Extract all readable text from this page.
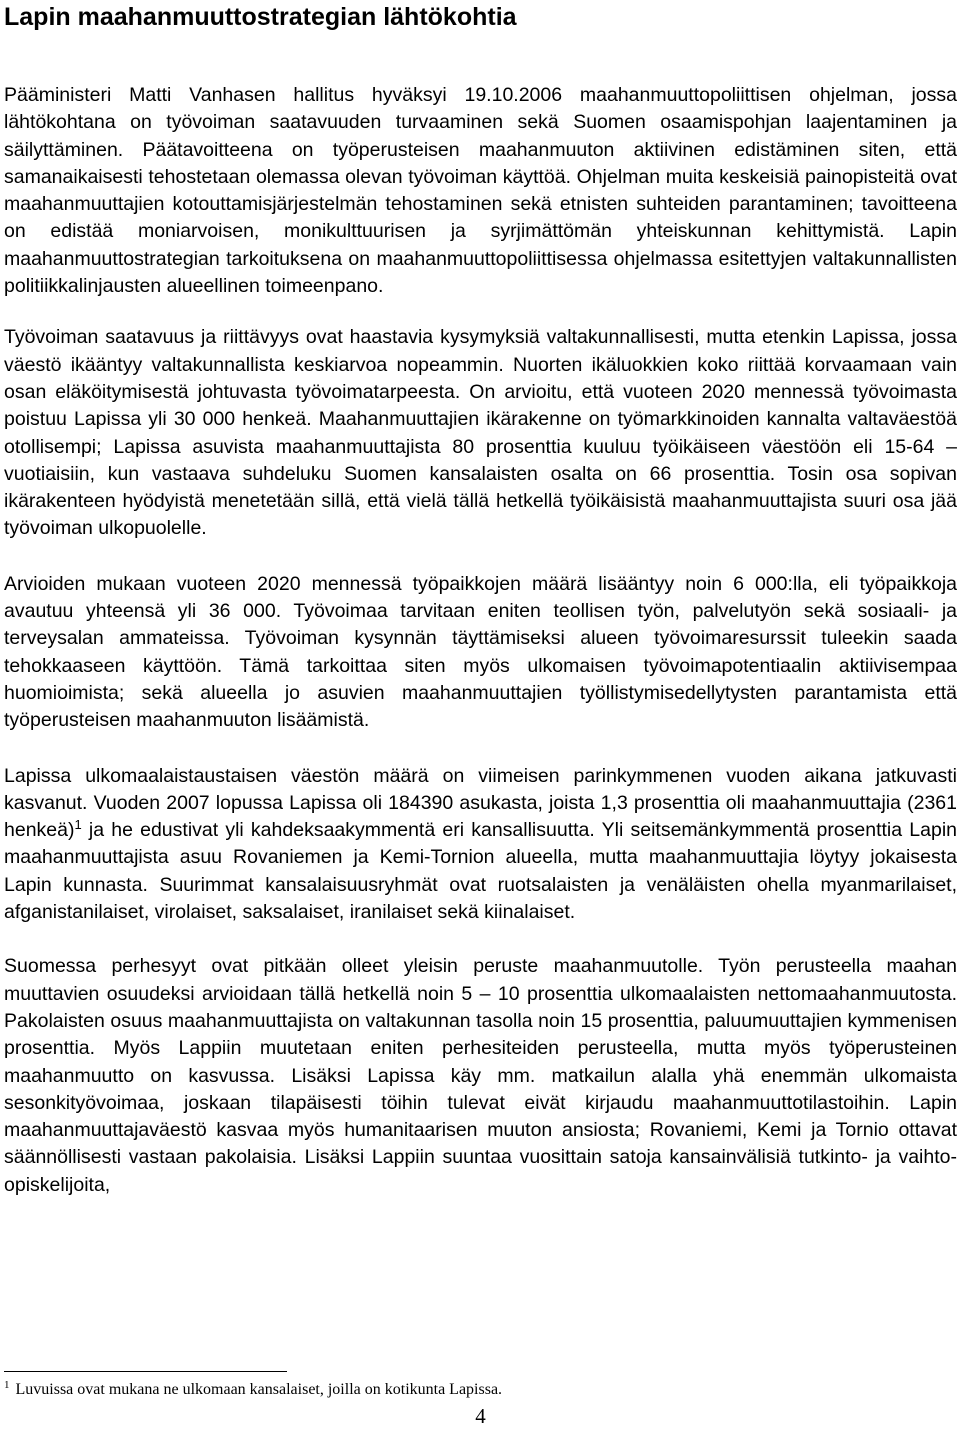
Lapin maahanmuuttostrategian lähtökohtia

Pääministeri Matti Vanhasen hallitus hyväksyi 19.10.2006 maahanmuuttopoliittisen ohjelman, jossa lähtökohtana on työvoiman saatavuuden turvaaminen sekä Suomen osaamispohjan laajentaminen ja säilyttäminen. Päätavoitteena on työperusteisen maahanmuuton aktiivinen edistäminen siten, että samanaikaisesti tehostetaan olemassa olevan työvoiman käyttöä. Ohjelman muita keskeisiä painopisteitä ovat maahanmuuttajien kotouttamisjärjestelmän tehostaminen sekä etnisten suhteiden parantaminen; tavoitteena on edistää moniarvoisen, monikulttuurisen ja syrjimättömän yhteiskunnan kehittymistä. Lapin maahanmuuttostrategian tarkoituksena on maahanmuuttopoliittisessa ohjelmassa esitettyjen valtakunnallisten politiikkalinjausten alueellinen toimeenpano.

Työvoiman saatavuus ja riittävyys ovat haastavia kysymyksiä valtakunnallisesti, mutta etenkin Lapissa, jossa väestö ikääntyy valtakunnallista keskiarvoa nopeammin. Nuorten ikäluokkien koko riittää korvaamaan vain osan eläköitymisestä johtuvasta työvoimatarpeesta. On arvioitu, että vuoteen 2020 mennessä työvoimasta poistuu Lapissa yli 30 000 henkeä. Maahanmuuttajien ikärakenne on työmarkkinoiden kannalta valtaväestöä otollisempi; Lapissa asuvista maahanmuuttajista 80 prosenttia kuuluu työikäiseen väestöön eli 15-64 –vuotiaisiin, kun vastaava suhdeluku Suomen kansalaisten osalta on 66 prosenttia. Tosin osa sopivan ikärakenteen hyödyistä menetetään sillä, että vielä tällä hetkellä työikäisistä maahanmuuttajista suuri osa jää työvoiman ulkopuolelle.

Arvioiden mukaan vuoteen 2020 mennessä työpaikkojen määrä lisääntyy noin 6 000:lla, eli työpaikkoja avautuu yhteensä yli 36 000. Työvoimaa tarvitaan eniten teollisen työn, palvelutyön sekä sosiaali- ja terveysalan ammateissa. Työvoiman kysynnän täyttämiseksi alueen työvoimaresurssit tuleekin saada tehokkaaseen käyttöön. Tämä tarkoittaa siten myös ulkomaisen työvoimapotentiaalin aktiivisempaa huomioimista; sekä alueella jo asuvien maahanmuuttajien työllistymisedellytysten parantamista että työperusteisen maahanmuuton lisäämistä.

Lapissa ulkomaalaistaustaisen väestön määrä on viimeisen parinkymmenen vuoden aikana jatkuvasti kasvanut. Vuoden 2007 lopussa Lapissa oli 184390 asukasta, joista 1,3 prosenttia oli maahanmuuttajia (2361 henkeä)$^1$ ja he edustivat yli kahdeksaakymmentä eri kansallisuutta. Yli seitsemänkymmentä prosenttia Lapin maahanmuuttajista asuu Rovaniemen ja Kemi-Tornion alueella, mutta maahanmuuttajia löytyy jokaisesta Lapin kunnasta. Suurimmat kansalaisuusryhmät ovat ruotsalaisten ja venäläisten ohella myanmarilaiset, afganistanilaiset, virolaiset, saksalaiset, iranilaiset sekä kiinalaiset.

Suomessa perhesyyt ovat pitkään olleet yleisin peruste maahanmuutolle. Työn perusteella maahan muuttavien osuudeksi arvioidaan tällä hetkellä noin 5 – 10 prosenttia ulkomaalaisten nettomaahanmuutosta. Pakolaisten osuus maahanmuuttajista on valtakunnan tasolla noin 15 prosenttia, paluumuuttajien kymmenisen prosenttia. Myös Lappiin muutetaan eniten perhesiteiden perusteella, mutta myös työperusteinen maahanmuutto on kasvussa. Lisäksi Lapissa käy mm. matkailun alalla yhä enemmän ulkomaista sesonkityövoimaa, joskaan tilapäisesti töihin tulevat eivät kirjaudu maahanmuuttotilastoihin. Lapin maahanmuuttajaväestö kasvaa myös humanitaarisen muuton ansiosta; Rovaniemi, Kemi ja Tornio ottavat säännöllisesti vastaan pakolaisia. Lisäksi Lappiin suuntaa vuosittain satoja kansainvälisiä tutkinto- ja vaihto-opiskelijoita,

$^1$ Luvuissa ovat mukana ne ulkomaan kansalaiset, joilla on kotikunta Lapissa.
4
